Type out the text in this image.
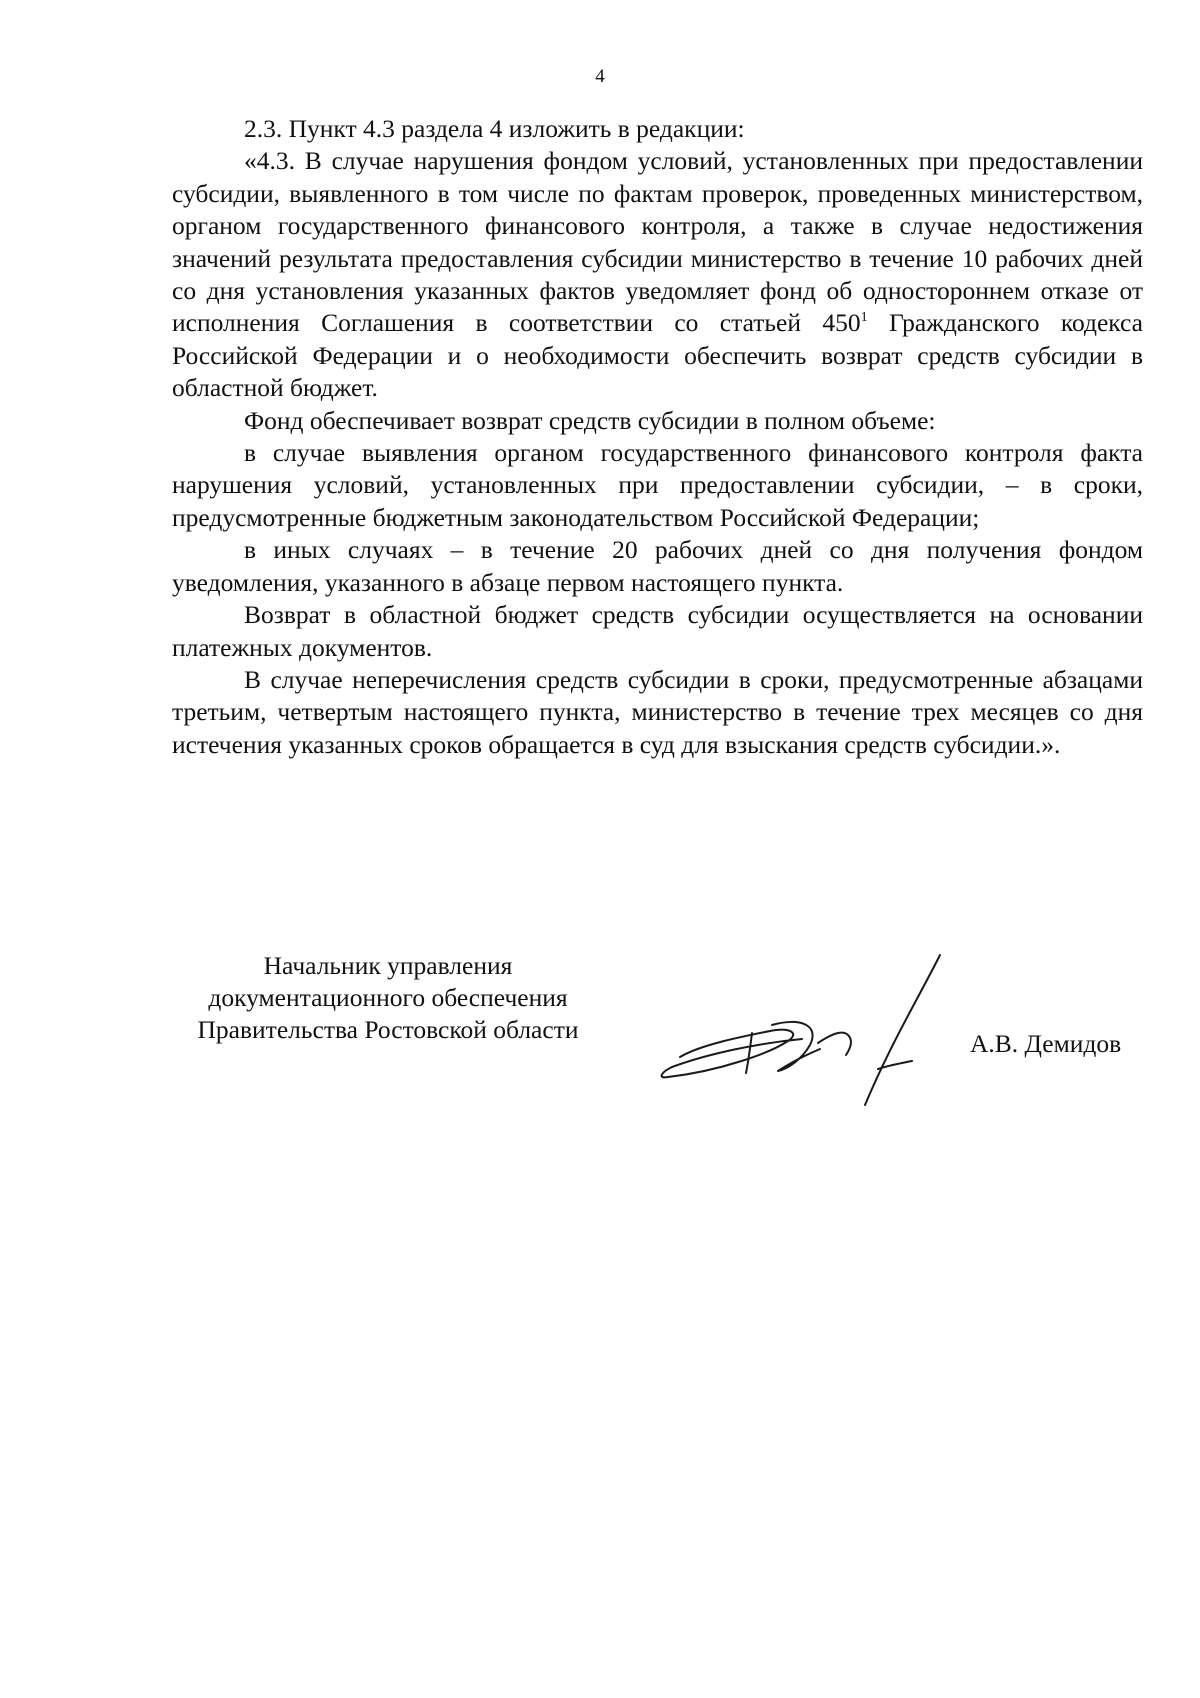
4

2.3. Пункт 4.3 раздела 4 изложить в редакции:

«4.3. В случае нарушения фондом условий, установленных при предоставлении субсидии, выявленного в том числе по фактам проверок, проведенных министерством, органом государственного финансового контроля, а также в случае недостижения значений результата предоставления субсидии министерство в течение 10 рабочих дней со дня установления указанных фактов уведомляет фонд об одностороннем отказе от исполнения Соглашения в соответствии со статьей $450^1$ Гражданского кодекса Российской Федерации и о необходимости обеспечить возврат средств субсидии в областной бюджет.

Фонд обеспечивает возврат средств субсидии в полном объеме:

в случае выявления органом государственного финансового контроля факта нарушения условий, установленных при предоставлении субсидии, – в сроки, предусмотренные бюджетным законодательством Российской Федерации;

в иных случаях – в течение 20 рабочих дней со дня получения фондом уведомления, указанного в абзаце первом настоящего пункта.

Возврат в областной бюджет средств субсидии осуществляется на основании платежных документов.

В случае неперечисления средств субсидии в сроки, предусмотренные абзацами третьим, четвертым настоящего пункта, министерство в течение трех месяцев со дня истечения указанных сроков обращается в суд для взыскания средств субсидии.».

Начальник управления
документационного обеспечения
Правительства Ростовской области	А.В. Демидов
